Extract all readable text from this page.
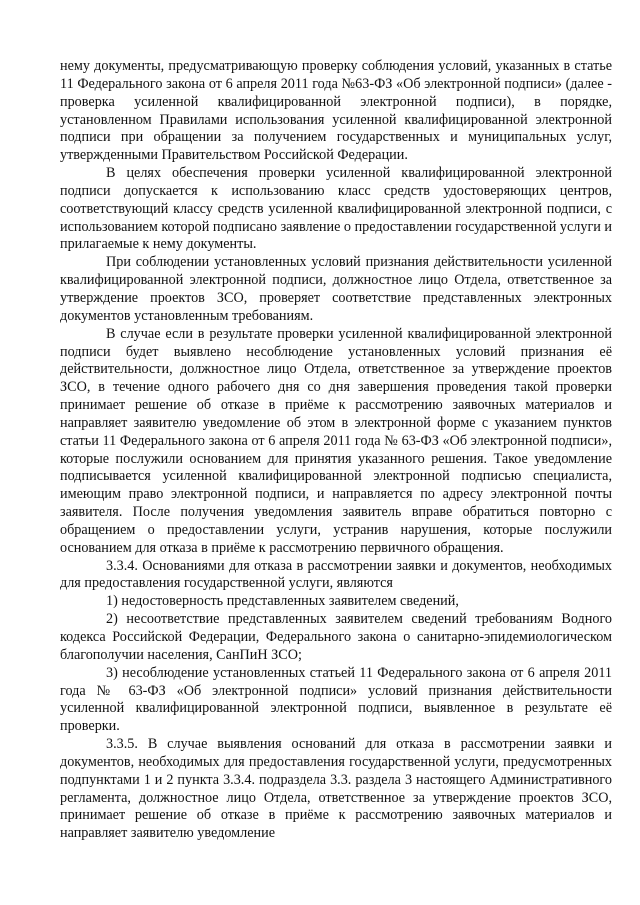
нему документы, предусматривающую проверку соблюдения условий, указанных в статье 11 Федерального закона от 6 апреля 2011 года №63-ФЗ «Об электронной подписи» (далее - проверка усиленной квалифицированной электронной подписи), в порядке, установленном Правилами использования усиленной квалифицированной электронной подписи при обращении за получением государственных и муниципальных услуг, утвержденными Правительством Российской Федерации.

В целях обеспечения проверки усиленной квалифицированной электронной подписи допускается к использованию класс средств удостоверяющих центров, соответствующий классу средств усиленной квалифицированной электронной подписи, с использованием которой подписано заявление о предоставлении государственной услуги и прилагаемые к нему документы.

При соблюдении установленных условий признания действительности усиленной квалифицированной электронной подписи, должностное лицо Отдела, ответственное за утверждение проектов ЗСО, проверяет соответствие представленных электронных документов установленным требованиям.

В случае если в результате проверки усиленной квалифицированной электронной подписи будет выявлено несоблюдение установленных условий признания её действительности, должностное лицо Отдела, ответственное за утверждение проектов ЗСО, в течение одного рабочего дня со дня завершения проведения такой проверки принимает решение об отказе в приёме к рассмотрению заявочных материалов и направляет заявителю уведомление об этом в электронной форме с указанием пунктов статьи 11 Федерального закона от 6 апреля 2011 года № 63-ФЗ «Об электронной подписи», которые послужили основанием для принятия указанного решения. Такое уведомление подписывается усиленной квалифицированной электронной подписью специалиста, имеющим право электронной подписи, и направляется по адресу электронной почты заявителя. После получения уведомления заявитель вправе обратиться повторно с обращением о предоставлении услуги, устранив нарушения, которые послужили основанием для отказа в приёме к рассмотрению первичного обращения.

3.3.4. Основаниями для отказа в рассмотрении заявки и документов, необходимых для предоставления государственной услуги, являются

1) недостоверность представленных заявителем сведений,

2) несоответствие представленных заявителем сведений требованиям Водного кодекса Российской Федерации, Федерального закона о санитарно-эпидемиологическом благополучии населения, СанПиН ЗСО;

3) несоблюдение установленных статьей 11 Федерального закона от 6 апреля 2011 года № 63-ФЗ «Об электронной подписи» условий признания действительности усиленной квалифицированной электронной подписи, выявленное в результате её проверки.

3.3.5. В случае выявления оснований для отказа в рассмотрении заявки и документов, необходимых для предоставления государственной услуги, предусмотренных подпунктами 1 и 2 пункта 3.3.4. подраздела 3.3. раздела 3 настоящего Административного регламента, должностное лицо Отдела, ответственное за утверждение проектов ЗСО, принимает решение об отказе в приёме к рассмотрению заявочных материалов и направляет заявителю уведомление
